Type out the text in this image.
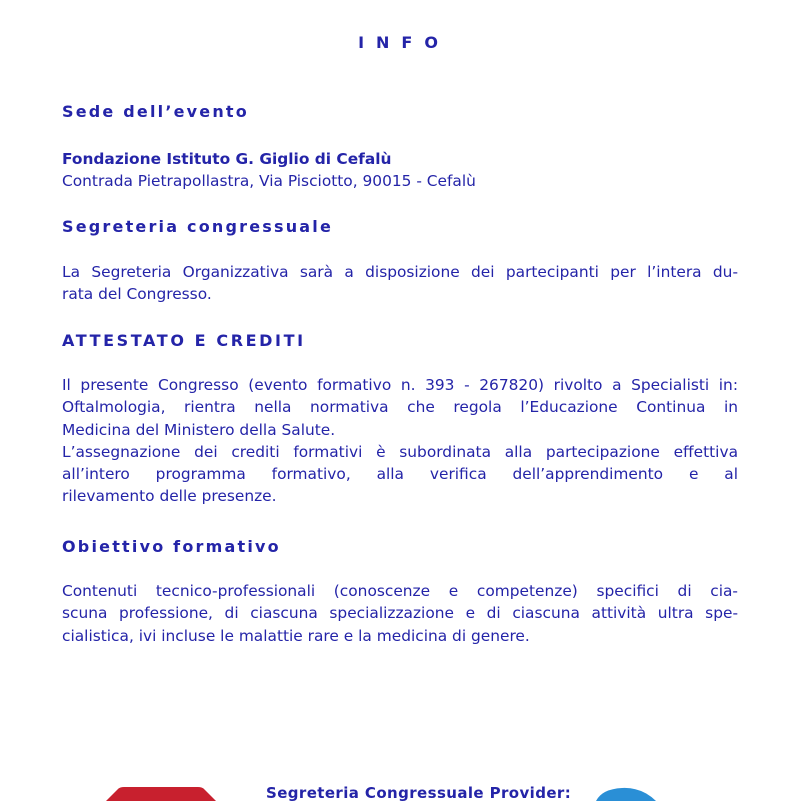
INFO
Sede dell’evento

Fondazione Istituto G. Giglio di Cefalù

Contrada Pietrapollastra, Via Pisciotto, 90015 - Cefalù

Segreteria congressuale

La Segreteria Organizzativa sarà a disposizione dei partecipanti per l’intera du-

rata del Congresso.

ATTESTATO E CREDITI

Il presente Congresso (evento formativo n. 393 - 267820) rivolto a Specialisti in:

Oftalmologia, rientra nella normativa che regola l’Educazione Continua in

Medicina del Ministero della Salute.

L’assegnazione dei crediti formativi è subordinata alla partecipazione effettiva

all’intero programma formativo, alla verifica dell’apprendimento e al

rilevamento delle presenze.

Obiettivo formativo

Contenuti tecnico-professionali (conoscenze e competenze) specifici di cia-

scuna professione, di ciascuna specializzazione e di ciascuna attività ultra spe-

cialistica, ivi incluse le malattie rare e la medicina di genere.

Segreteria Congressuale Provider:
